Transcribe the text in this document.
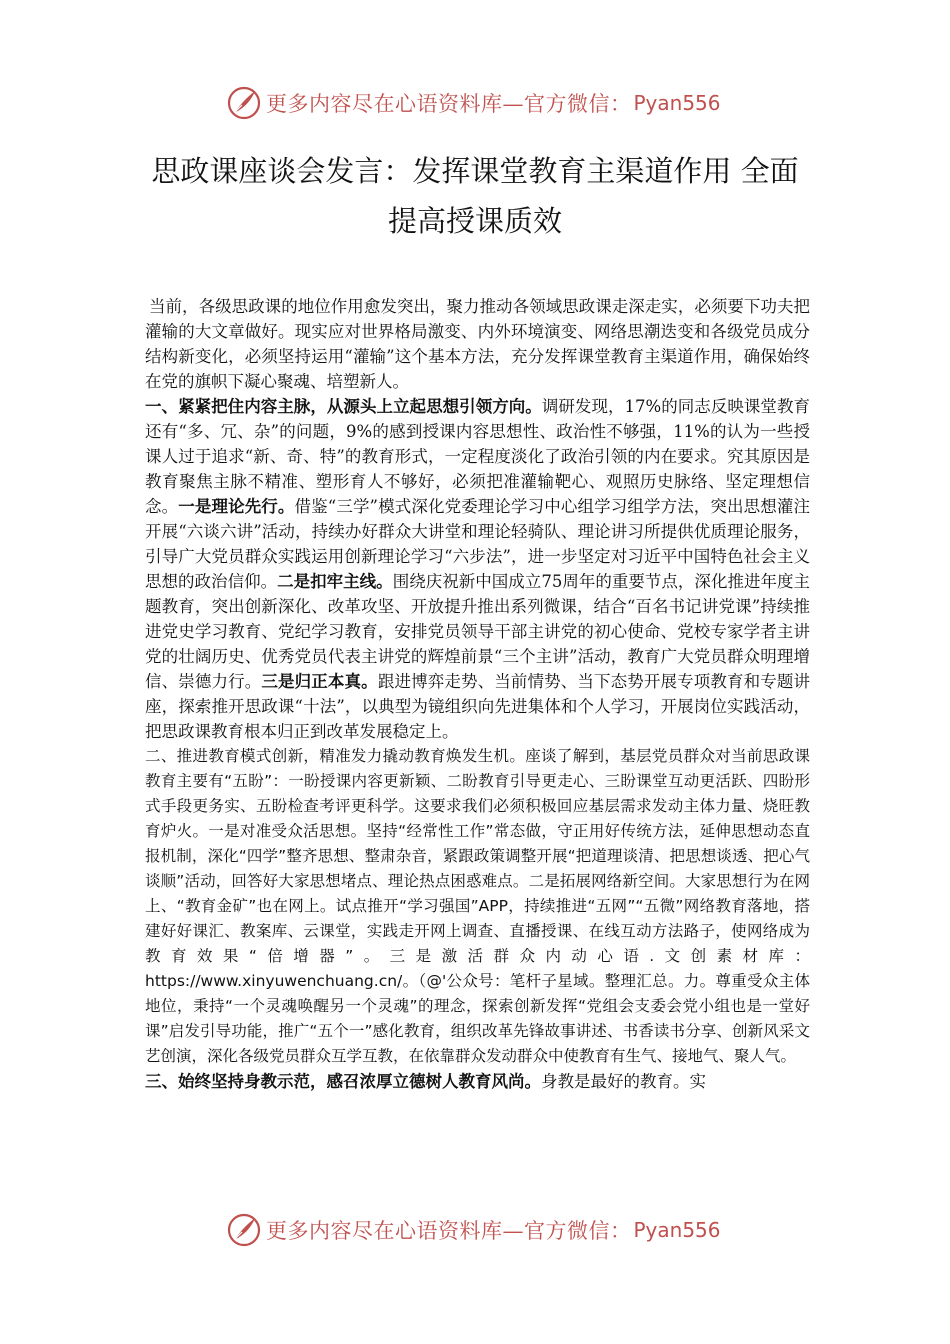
更多内容尽在心语资料库—官方微信： Pyan556
思政课座谈会发言：发挥课堂教育主渠道作用 全面
提高授课质效

当前，各级思政课的地位作用愈发突出，聚力推动各领域思政课走深走实，必须要下功夫把灌输的大文章做好。现实应对世界格局激变、内外环境演变、网络思潮迭变和各级党员成分结构新变化，必须坚持运用“灌输”这个基本方法，充分发挥课堂教育主渠道作用，确保始终在党的旗帜下凝心聚魂、培塑新人。

一、紧紧把住内容主脉，从源头上立起思想引领方向。调研发现，17%的同志反映课堂教育还有“多、冗、杂”的问题，9%的感到授课内容思想性、政治性不够强，11%的认为一些授课人过于追求“新、奇、特”的教育形式，一定程度淡化了政治引领的内在要求。究其原因是教育聚焦主脉不精准、塑形育人不够好，必须把准灌输靶心、观照历史脉络、坚定理想信念。一是理论先行。借鉴“三学”模式深化党委理论学习中心组学习组学方法，突出思想灌注开展“六谈六讲”活动，持续办好群众大讲堂和理论轻骑队、理论讲习所提供优质理论服务，引导广大党员群众实践运用创新理论学习“六步法”，进一步坚定对习近平中国特色社会主义思想的政治信仰。二是扣牢主线。围绕庆祝新中国成立75周年的重要节点，深化推进年度主题教育，突出创新深化、改革攻坚、开放提升推出系列微课，结合“百名书记讲党课”持续推进党史学习教育、党纪学习教育，安排党员领导干部主讲党的初心使命、党校专家学者主讲党的壮阔历史、优秀党员代表主讲党的辉煌前景“三个主讲”活动，教育广大党员群众明理增信、崇德力行。三是归正本真。跟进博弈走势、当前情势、当下态势开展专项教育和专题讲座，探索推开思政课“十法”，以典型为镜组织向先进集体和个人学习，开展岗位实践活动，把思政课教育根本归正到改革发展稳定上。

二、推进教育模式创新，精准发力撬动教育焕发生机。座谈了解到，基层党员群众对当前思政课教育主要有“五盼”：一盼授课内容更新颖、二盼教育引导更走心、三盼课堂互动更活跃、四盼形式手段更务实、五盼检查考评更科学。这要求我们必须积极回应基层需求发动主体力量、烧旺教育炉火。一是对准受众活思想。坚持“经常性工作”常态做，守正用好传统方法，延伸思想动态直报机制，深化“四学”整齐思想、整肃杂音，紧跟政策调整开展“把道理谈清、把思想谈透、把心气谈顺”活动，回答好大家思想堵点、理论热点困惑难点。二是拓展网络新空间。大家思想行为在网上、“教育金矿”也在网上。试点推开“学习强国”APP，持续推进“五网”“五微”网络教育落地，搭建好好课汇、教案库、云课堂，实践走开网上调查、直播授课、在线互动方法路子，使网络成为教育效果“倍增器”。三是激活群众内动心语.文创素材库：https://www.xinyuwenchuang.cn/。（@'公众号：笔杆子星域。整理汇总。力。尊重受众主体地位，秉持“一个灵魂唤醒另一个灵魂”的理念，探索创新发挥“党组会支委会党小组也是一堂好课”启发引导功能，推广“五个一”感化教育，组织改革先锋故事讲述、书香读书分享、创新风采文艺创演，深化各级党员群众互学互教，在依靠群众发动群众中使教育有生气、接地气、聚人气。

三、始终坚持身教示范，感召浓厚立德树人教育风尚。身教是最好的教育。实

更多内容尽在心语资料库—官方微信： Pyan556
